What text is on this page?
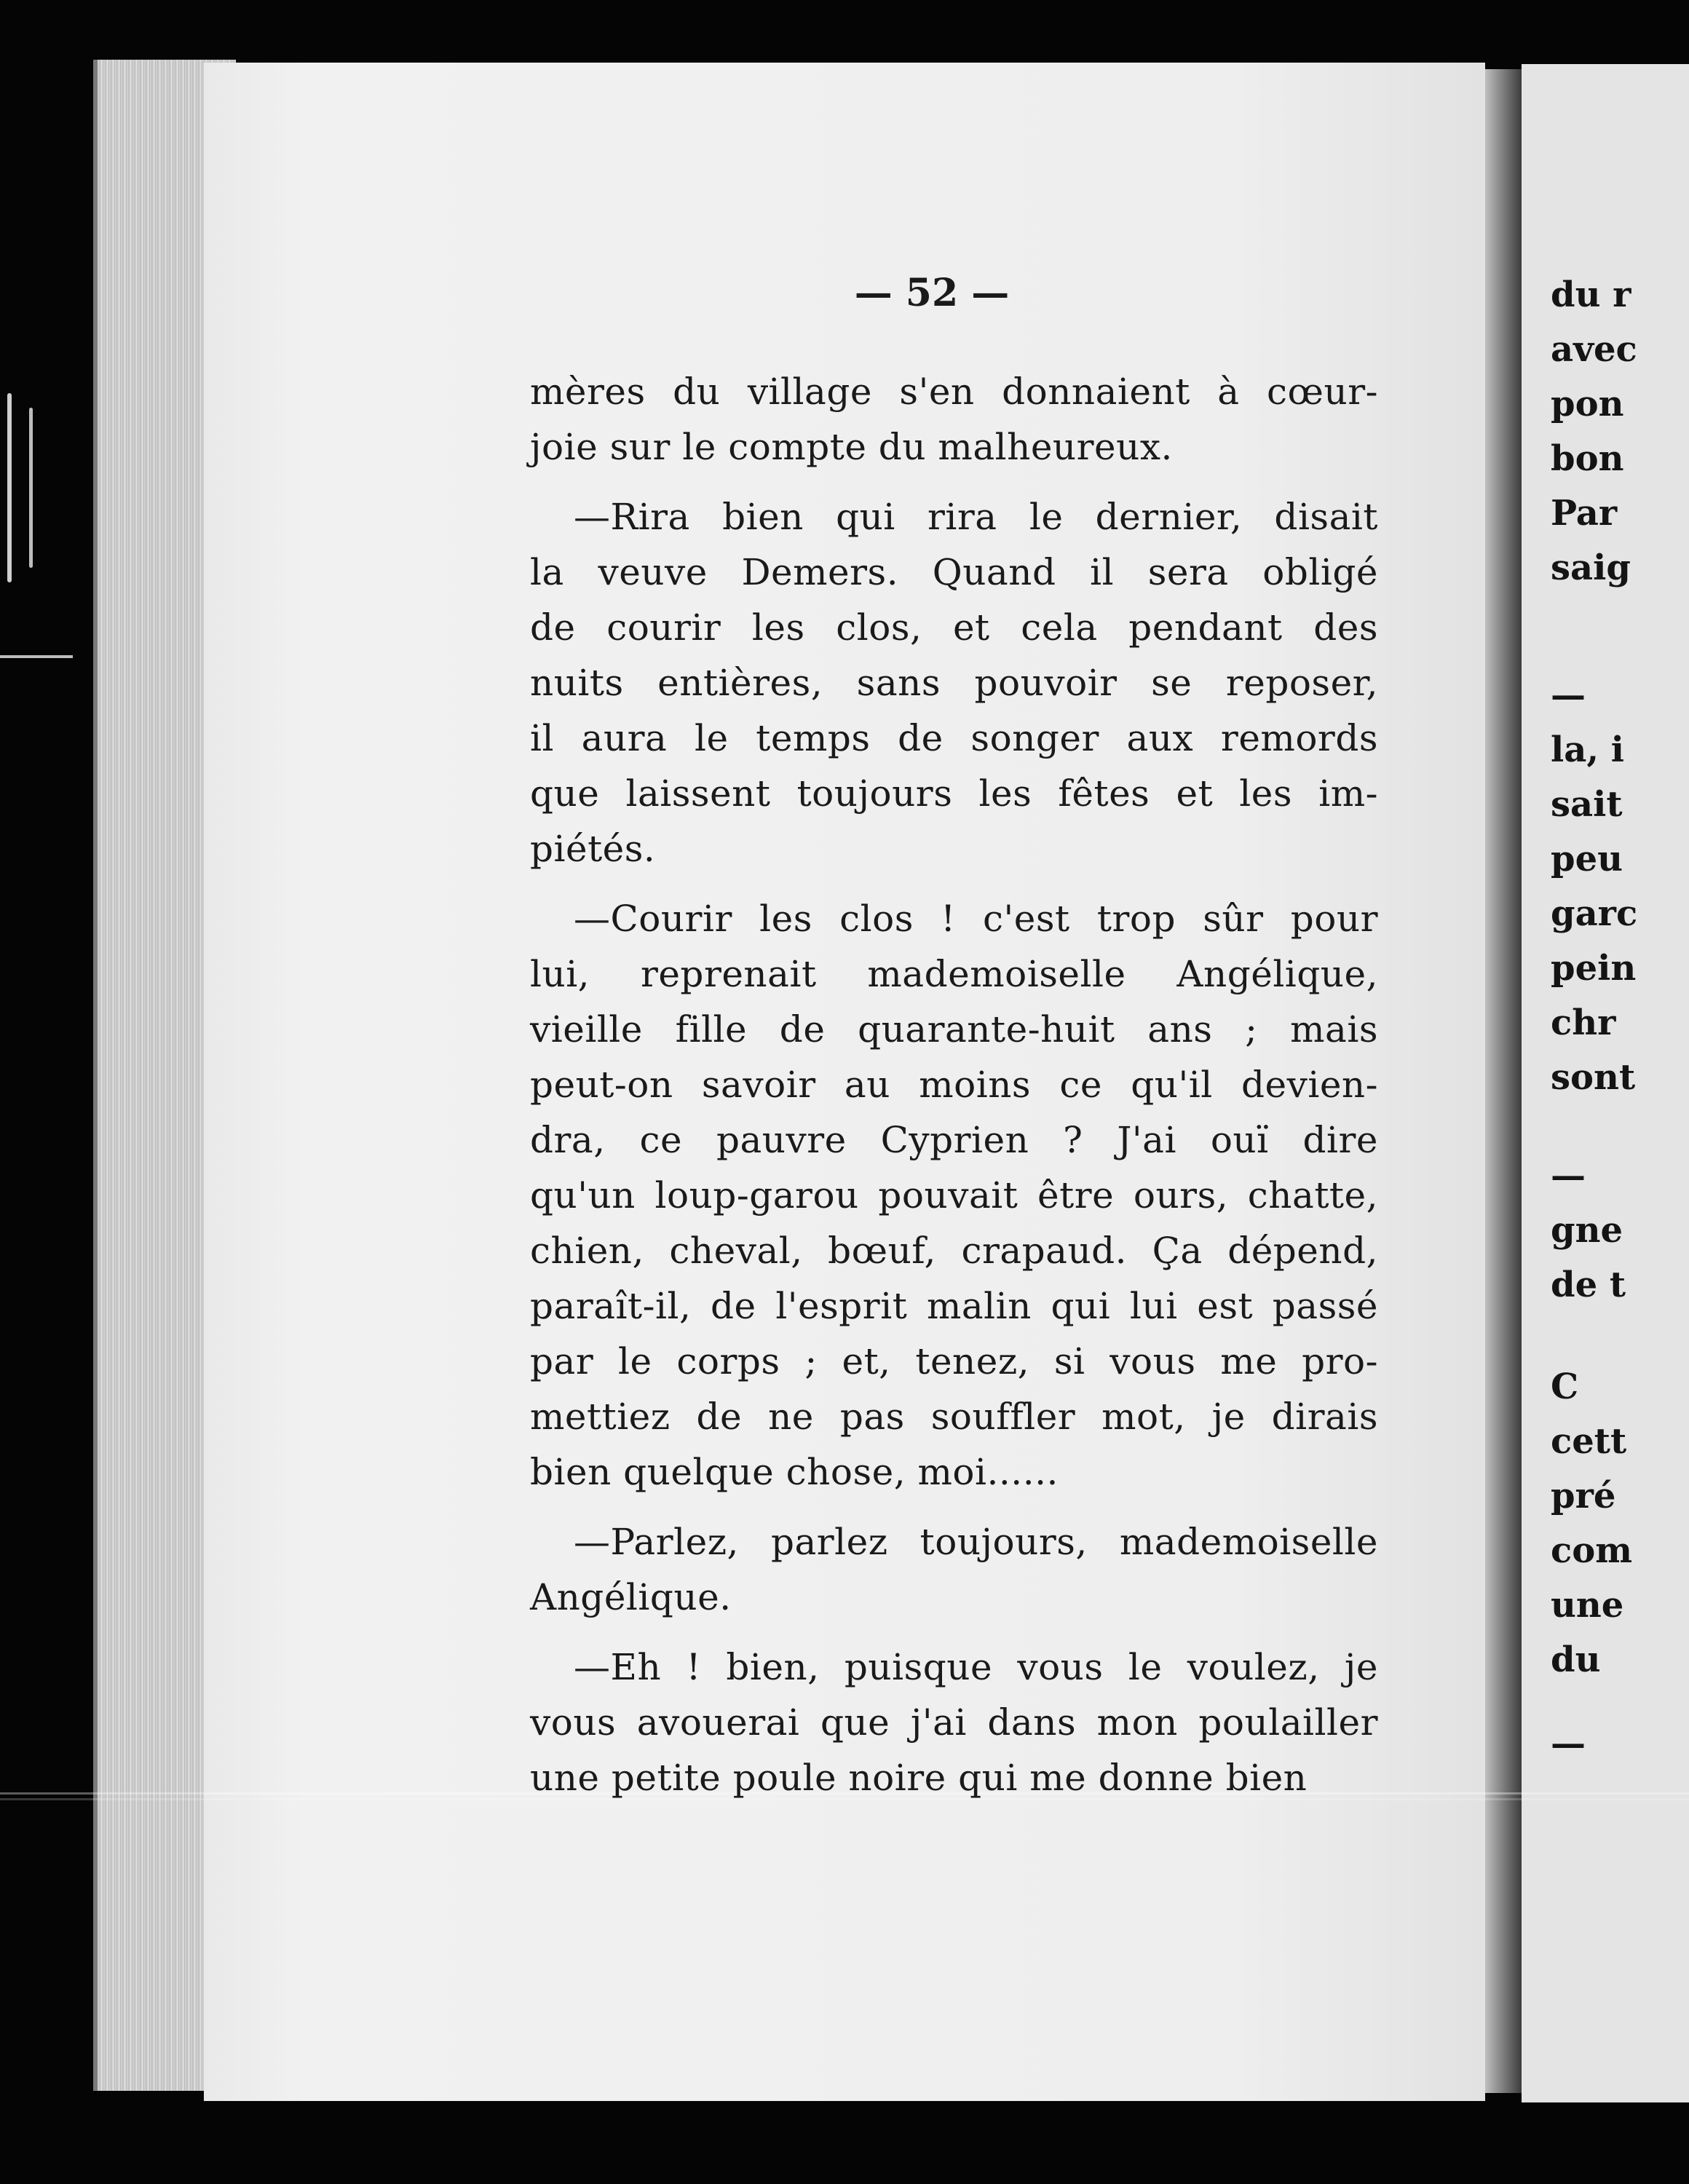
du r
avec
pon
bon
Par
saig
—
la, i
sait
peu
garc
pein
chr
sont
—
gne
de t
C
cett
pré
com
une
du
—
— 52 —
mères du village s'en donnaient à cœur-
joie sur le compte du malheureux.
—Rira bien qui rira le dernier, disait
la veuve Demers. Quand il sera obligé
de courir les clos, et cela pendant des
nuits entières, sans pouvoir se reposer,
il aura le temps de songer aux remords
que laissent toujours les fêtes et les im-
piétés.
—Courir les clos ! c'est trop sûr pour
lui, reprenait mademoiselle Angélique,
vieille fille de quarante-huit ans ; mais
peut-on savoir au moins ce qu'il devien-
dra, ce pauvre Cyprien ? J'ai ouï dire
qu'un loup-garou pouvait être ours, chatte,
chien, cheval, bœuf, crapaud. Ça dépend,
paraît-il, de l'esprit malin qui lui est passé
par le corps ; et, tenez, si vous me pro-
mettiez de ne pas souffler mot, je dirais
bien quelque chose, moi......
—Parlez, parlez toujours, mademoiselle
Angélique.
—Eh ! bien, puisque vous le voulez, je
vous avouerai que j'ai dans mon poulailler
une petite poule noire qui me donne bien
